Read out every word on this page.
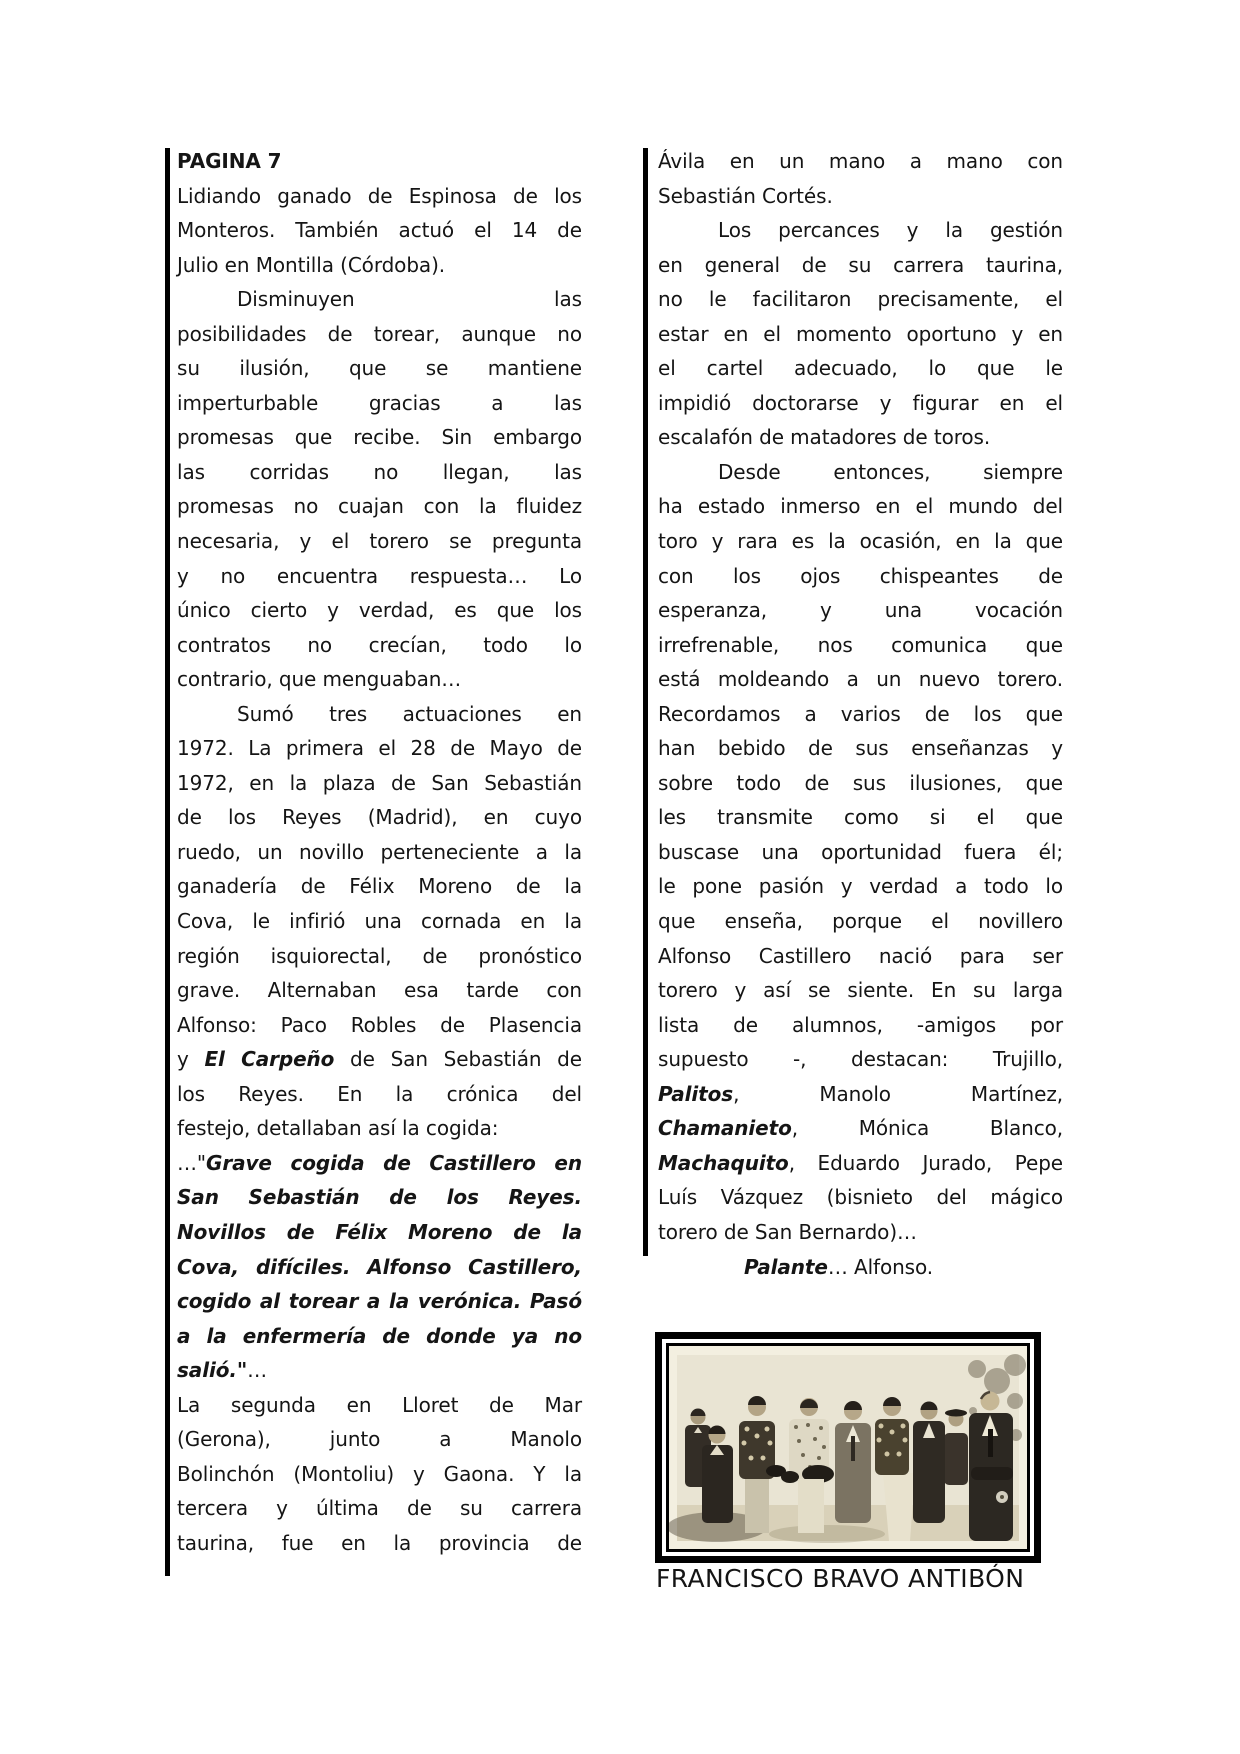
PAGINA 7
Lidiando ganado de Espinosa de los
Monteros. También actuó el 14 de
Julio en Montilla (Córdoba).
Disminuyen las
posibilidades de torear, aunque no
su ilusión, que se mantiene
imperturbable gracias a las
promesas que recibe. Sin embargo
las corridas no llegan, las
promesas no cuajan con la fluidez
necesaria, y el torero se pregunta
y no encuentra respuesta… Lo
único cierto y verdad, es que los
contratos no crecían, todo lo
contrario, que menguaban…
Sumó tres actuaciones en
1972. La primera el 28 de Mayo de
1972, en la plaza de San Sebastián
de los Reyes (Madrid), en cuyo
ruedo, un novillo perteneciente a la
ganadería de Félix Moreno de la
Cova, le infirió una cornada en la
región isquiorectal, de pronóstico
grave. Alternaban esa tarde con
Alfonso: Paco Robles de Plasencia
y El Carpeño de San Sebastián de
los Reyes. En la crónica del
festejo, detallaban así la cogida:
…"Grave cogida de Castillero en
San Sebastián de los Reyes.
Novillos de Félix Moreno de la
Cova, difíciles. Alfonso Castillero,
cogido al torear a la verónica. Pasó
a la enfermería de donde ya no
salió."…
La segunda en Lloret de Mar
(Gerona), junto a Manolo
Bolinchón (Montoliu) y Gaona. Y la
tercera y última de su carrera
taurina, fue en la provincia de
Ávila en un mano a mano con
Sebastián Cortés.
Los percances y la gestión
en general de su carrera taurina,
no le facilitaron precisamente, el
estar en el momento oportuno y en
el cartel adecuado, lo que le
impidió doctorarse y figurar en el
escalafón de matadores de toros.
Desde entonces, siempre
ha estado inmerso en el mundo del
toro y rara es la ocasión, en la que
con los ojos chispeantes de
esperanza, y una vocación
irrefrenable, nos comunica que
está moldeando a un nuevo torero.
Recordamos a varios de los que
han bebido de sus enseñanzas y
sobre todo de sus ilusiones, que
les transmite como si el que
buscase una oportunidad fuera él;
le pone pasión y verdad a todo lo
que enseña, porque el novillero
Alfonso Castillero nació para ser
torero y así se siente. En su larga
lista de alumnos, -amigos por
supuesto -, destacan: Trujillo,
Palitos, Manolo Martínez,
Chamanieto, Mónica Blanco,
Machaquito, Eduardo Jurado, Pepe
Luís Vázquez (bisnieto del mágico
torero de San Bernardo)…
Palante… Alfonso.
FRANCISCO BRAVO ANTIBÓN
